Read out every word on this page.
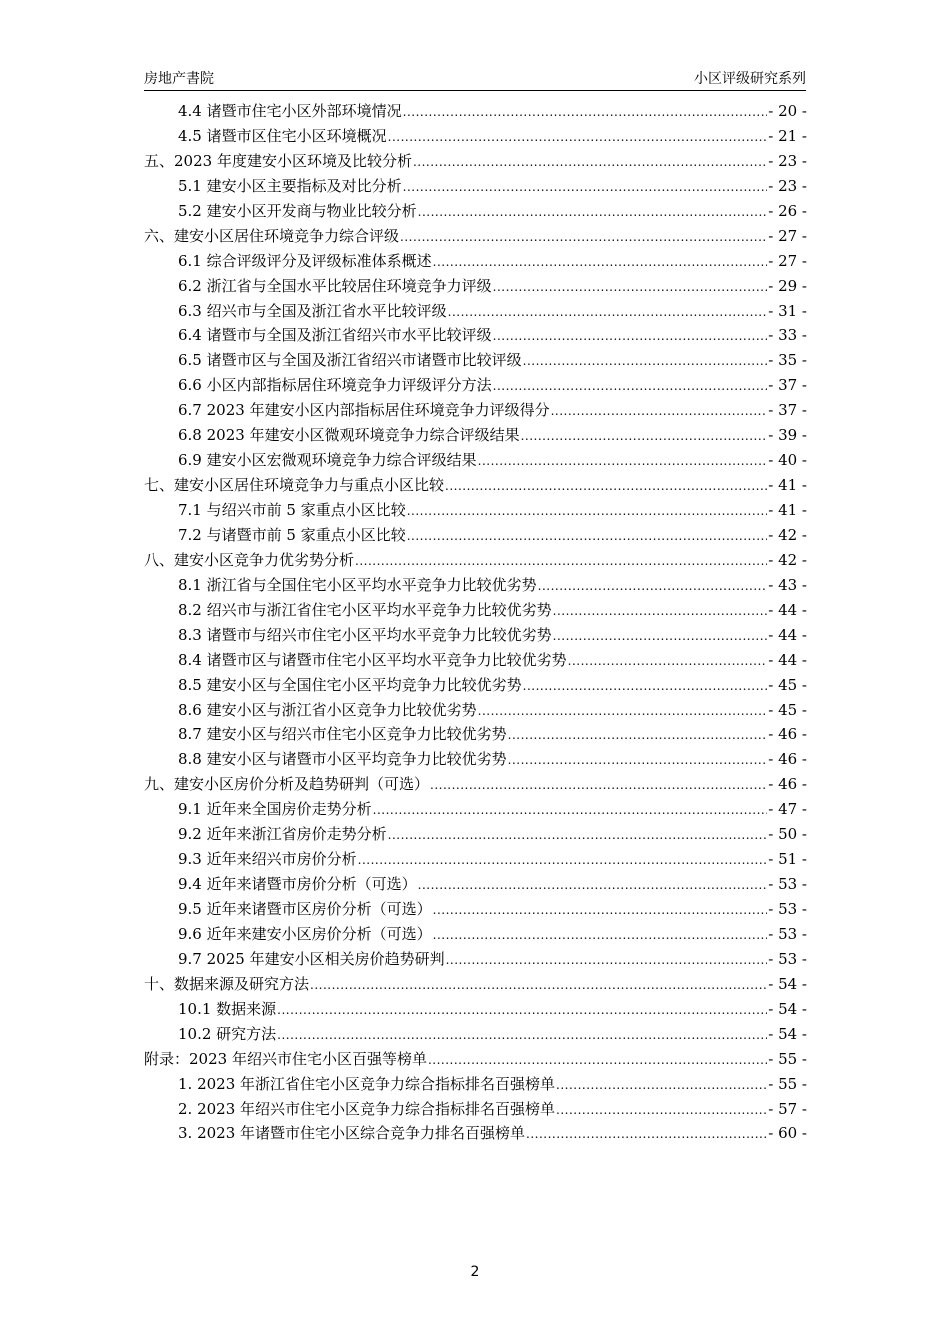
房地产書院	小区评级研究系列
4.4 诸暨市住宅小区外部环境情况 .....	- 20 -
4.5 诸暨市区住宅小区环境概况 .....	- 21 -
五、2023 年度建安小区环境及比较分析 .....	- 23 -
5.1 建安小区主要指标及对比分析 .....	- 23 -
5.2 建安小区开发商与物业比较分析 .....	- 26 -
六、建安小区居住环境竞争力综合评级 .....	- 27 -
6.1 综合评级评分及评级标准体系概述 .....	- 27 -
6.2 浙江省与全国水平比较居住环境竞争力评级 .....	- 29 -
6.3 绍兴市与全国及浙江省水平比较评级 .....	- 31 -
6.4 诸暨市与全国及浙江省绍兴市水平比较评级 .....	- 33 -
6.5 诸暨市区与全国及浙江省绍兴市诸暨市比较评级 .....	- 35 -
6.6 小区内部指标居住环境竞争力评级评分方法 .....	- 37 -
6.7 2023 年建安小区内部指标居住环境竞争力评级得分 .....	- 37 -
6.8 2023 年建安小区微观环境竞争力综合评级结果 .....	- 39 -
6.9 建安小区宏微观环境竞争力综合评级结果 .....	- 40 -
七、建安小区居住环境竞争力与重点小区比较 .....	- 41 -
7.1 与绍兴市前 5 家重点小区比较 .....	- 41 -
7.2 与诸暨市前 5 家重点小区比较 .....	- 42 -
八、建安小区竞争力优劣势分析 .....	- 42 -
8.1 浙江省与全国住宅小区平均水平竞争力比较优劣势 .....	- 43 -
8.2 绍兴市与浙江省住宅小区平均水平竞争力比较优劣势 .....	- 44 -
8.3 诸暨市与绍兴市住宅小区平均水平竞争力比较优劣势 .....	- 44 -
8.4 诸暨市区与诸暨市住宅小区平均水平竞争力比较优劣势 .....	- 44 -
8.5 建安小区与全国住宅小区平均竞争力比较优劣势 .....	- 45 -
8.6 建安小区与浙江省小区竞争力比较优劣势 .....	- 45 -
8.7 建安小区与绍兴市住宅小区竞争力比较优劣势 .....	- 46 -
8.8 建安小区与诸暨市小区平均竞争力比较优劣势 .....	- 46 -
九、建安小区房价分析及趋势研判（可选） .....	- 46 -
9.1 近年来全国房价走势分析 .....	- 47 -
9.2 近年来浙江省房价走势分析 .....	- 50 -
9.3 近年来绍兴市房价分析 .....	- 51 -
9.4 近年来诸暨市房价分析（可选） .....	- 53 -
9.5 近年来诸暨市区房价分析（可选） .....	- 53 -
9.6 近年来建安小区房价分析（可选） .....	- 53 -
9.7 2025 年建安小区相关房价趋势研判 .....	- 53 -
十、数据来源及研究方法 .....	- 54 -
10.1 数据来源 .....	- 54 -
10.2 研究方法 .....	- 54 -
附录：2023 年绍兴市住宅小区百强等榜单 .....	- 55 -
1. 2023 年浙江省住宅小区竞争力综合指标排名百强榜单 .....	- 55 -
2. 2023 年绍兴市住宅小区竞争力综合指标排名百强榜单 .....	- 57 -
3. 2023 年诸暨市住宅小区综合竞争力排名百强榜单 .....	- 60 -
2
